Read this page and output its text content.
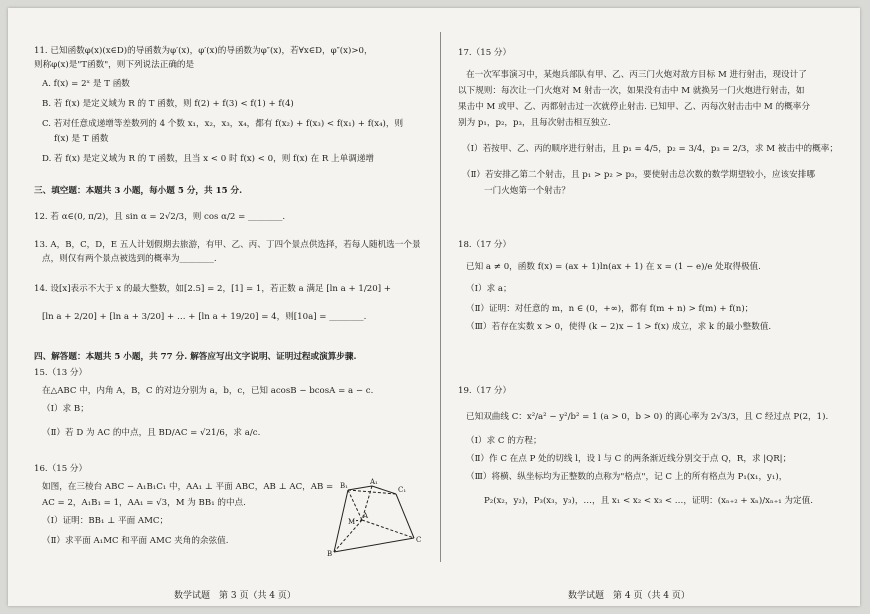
11. 已知函数φ(x)(x∈D)的导函数为φ′(x)，φ′(x)的导函数为φ″(x)，若∀x∈D，φ″(x)>0，
则称φ(x)是"T函数"，则下列说法正确的是
A. f(x) = 2ˣ 是 T 函数
B. 若 f(x) 是定义域为 R 的 T 函数，则 f(2) + f(3) < f(1) + f(4)
C. 若对任意成递增等差数列的 4 个数 x₁，x₂，x₃，x₄，都有 f(x₂) + f(x₃) < f(x₁) + f(x₄)，则
f(x) 是 T 函数
D. 若 f(x) 是定义域为 R 的 T 函数，且当 x < 0 时 f(x) < 0，则 f(x) 在 R 上单调递增
三、填空题：本题共 3 小题，每小题 5 分，共 15 分.
12. 若 α∈(0, π/2)，且 sin α = 2√2/3，则 cos α/2 = ________.
13. A，B，C，D，E 五人计划假期去旅游，有甲、乙、丙、丁四个景点供选择，若每人随机选一个景
点，则仅有两个景点被选到的概率为________.
14. 设[x]表示不大于 x 的最大整数，如[2.5] = 2，[1] = 1，若正数 a 满足 [ln a + 1/20] +
[ln a + 2/20] + [ln a + 3/20] + … + [ln a + 19/20] = 4，则[10a] = ________.
四、解答题：本题共 5 小题，共 77 分. 解答应写出文字说明、证明过程或演算步骤.
15.（13 分）
在△ABC 中，内角 A，B，C 的对边分别为 a，b，c，已知 acosB − bcosA = a − c.
（Ⅰ）求 B；
（Ⅱ）若 D 为 AC 的中点，且 BD/AC = √21/6，求 a/c.
16.（15 分）
如图，在三棱台 ABC − A₁B₁C₁ 中，AA₁ ⊥ 平面 ABC，AB ⊥ AC，AB =
AC = 2，A₁B₁ = 1，AA₁ = √3，M 为 BB₁ 的中点.
（Ⅰ）证明：BB₁ ⊥ 平面 AMC；
（Ⅱ）求平面 A₁MC 和平面 AMC 夹角的余弦值.
B₁	A₁
C₁
M
A
B
C
数学试题　第 3 页（共 4 页）
17.（15 分）
在一次军事演习中，某炮兵部队有甲、乙、丙三门火炮对敌方目标 M 进行射击，现设计了
以下规则：每次让一门火炮对 M 射击一次，如果没有击中 M 就换另一门火炮进行射击，如
果击中 M 或甲、乙、丙都射击过一次就停止射击. 已知甲、乙、丙每次射击击中 M 的概率分
别为 p₁，p₂，p₃，且每次射击相互独立.
（Ⅰ）若按甲、乙、丙的顺序进行射击，且 p₁ = 4/5，p₂ = 3/4，p₃ = 2/3，求 M 被击中的概率；
（Ⅱ）若安排乙第二个射击，且 p₁ > p₂ > p₃，要使射击总次数的数学期望较小，应该安排哪
一门火炮第一个射击？
18.（17 分）
已知 a ≠ 0，函数 f(x) = (ax + 1)ln(ax + 1) 在 x = (1 − e)/e 处取得极值.
（Ⅰ）求 a；
（Ⅱ）证明：对任意的 m，n ∈ (0，+∞)，都有 f(m + n) > f(m) + f(n)；
（Ⅲ）若存在实数 x > 0，使得 (k − 2)x − 1 > f(x) 成立，求 k 的最小整数值.
19.（17 分）
已知双曲线 C：x²/a² − y²/b² = 1 (a > 0，b > 0) 的离心率为 2√3/3，且 C 经过点 P(2，1).
（Ⅰ）求 C 的方程；
（Ⅱ）作 C 在点 P 处的切线 l，设 l 与 C 的两条渐近线分别交于点 Q，R，求 |QR|；
（Ⅲ）将横、纵坐标均为正整数的点称为"格点"，记 C 上的所有格点为 P₁(x₁，y₁)，
P₂(x₂，y₂)，P₃(x₃，y₃)，…，且 x₁ < x₂ < x₃ < …，证明：(xₙ₊₂ + xₙ)/xₙ₊₁ 为定值.
数学试题　第 4 页（共 4 页）
